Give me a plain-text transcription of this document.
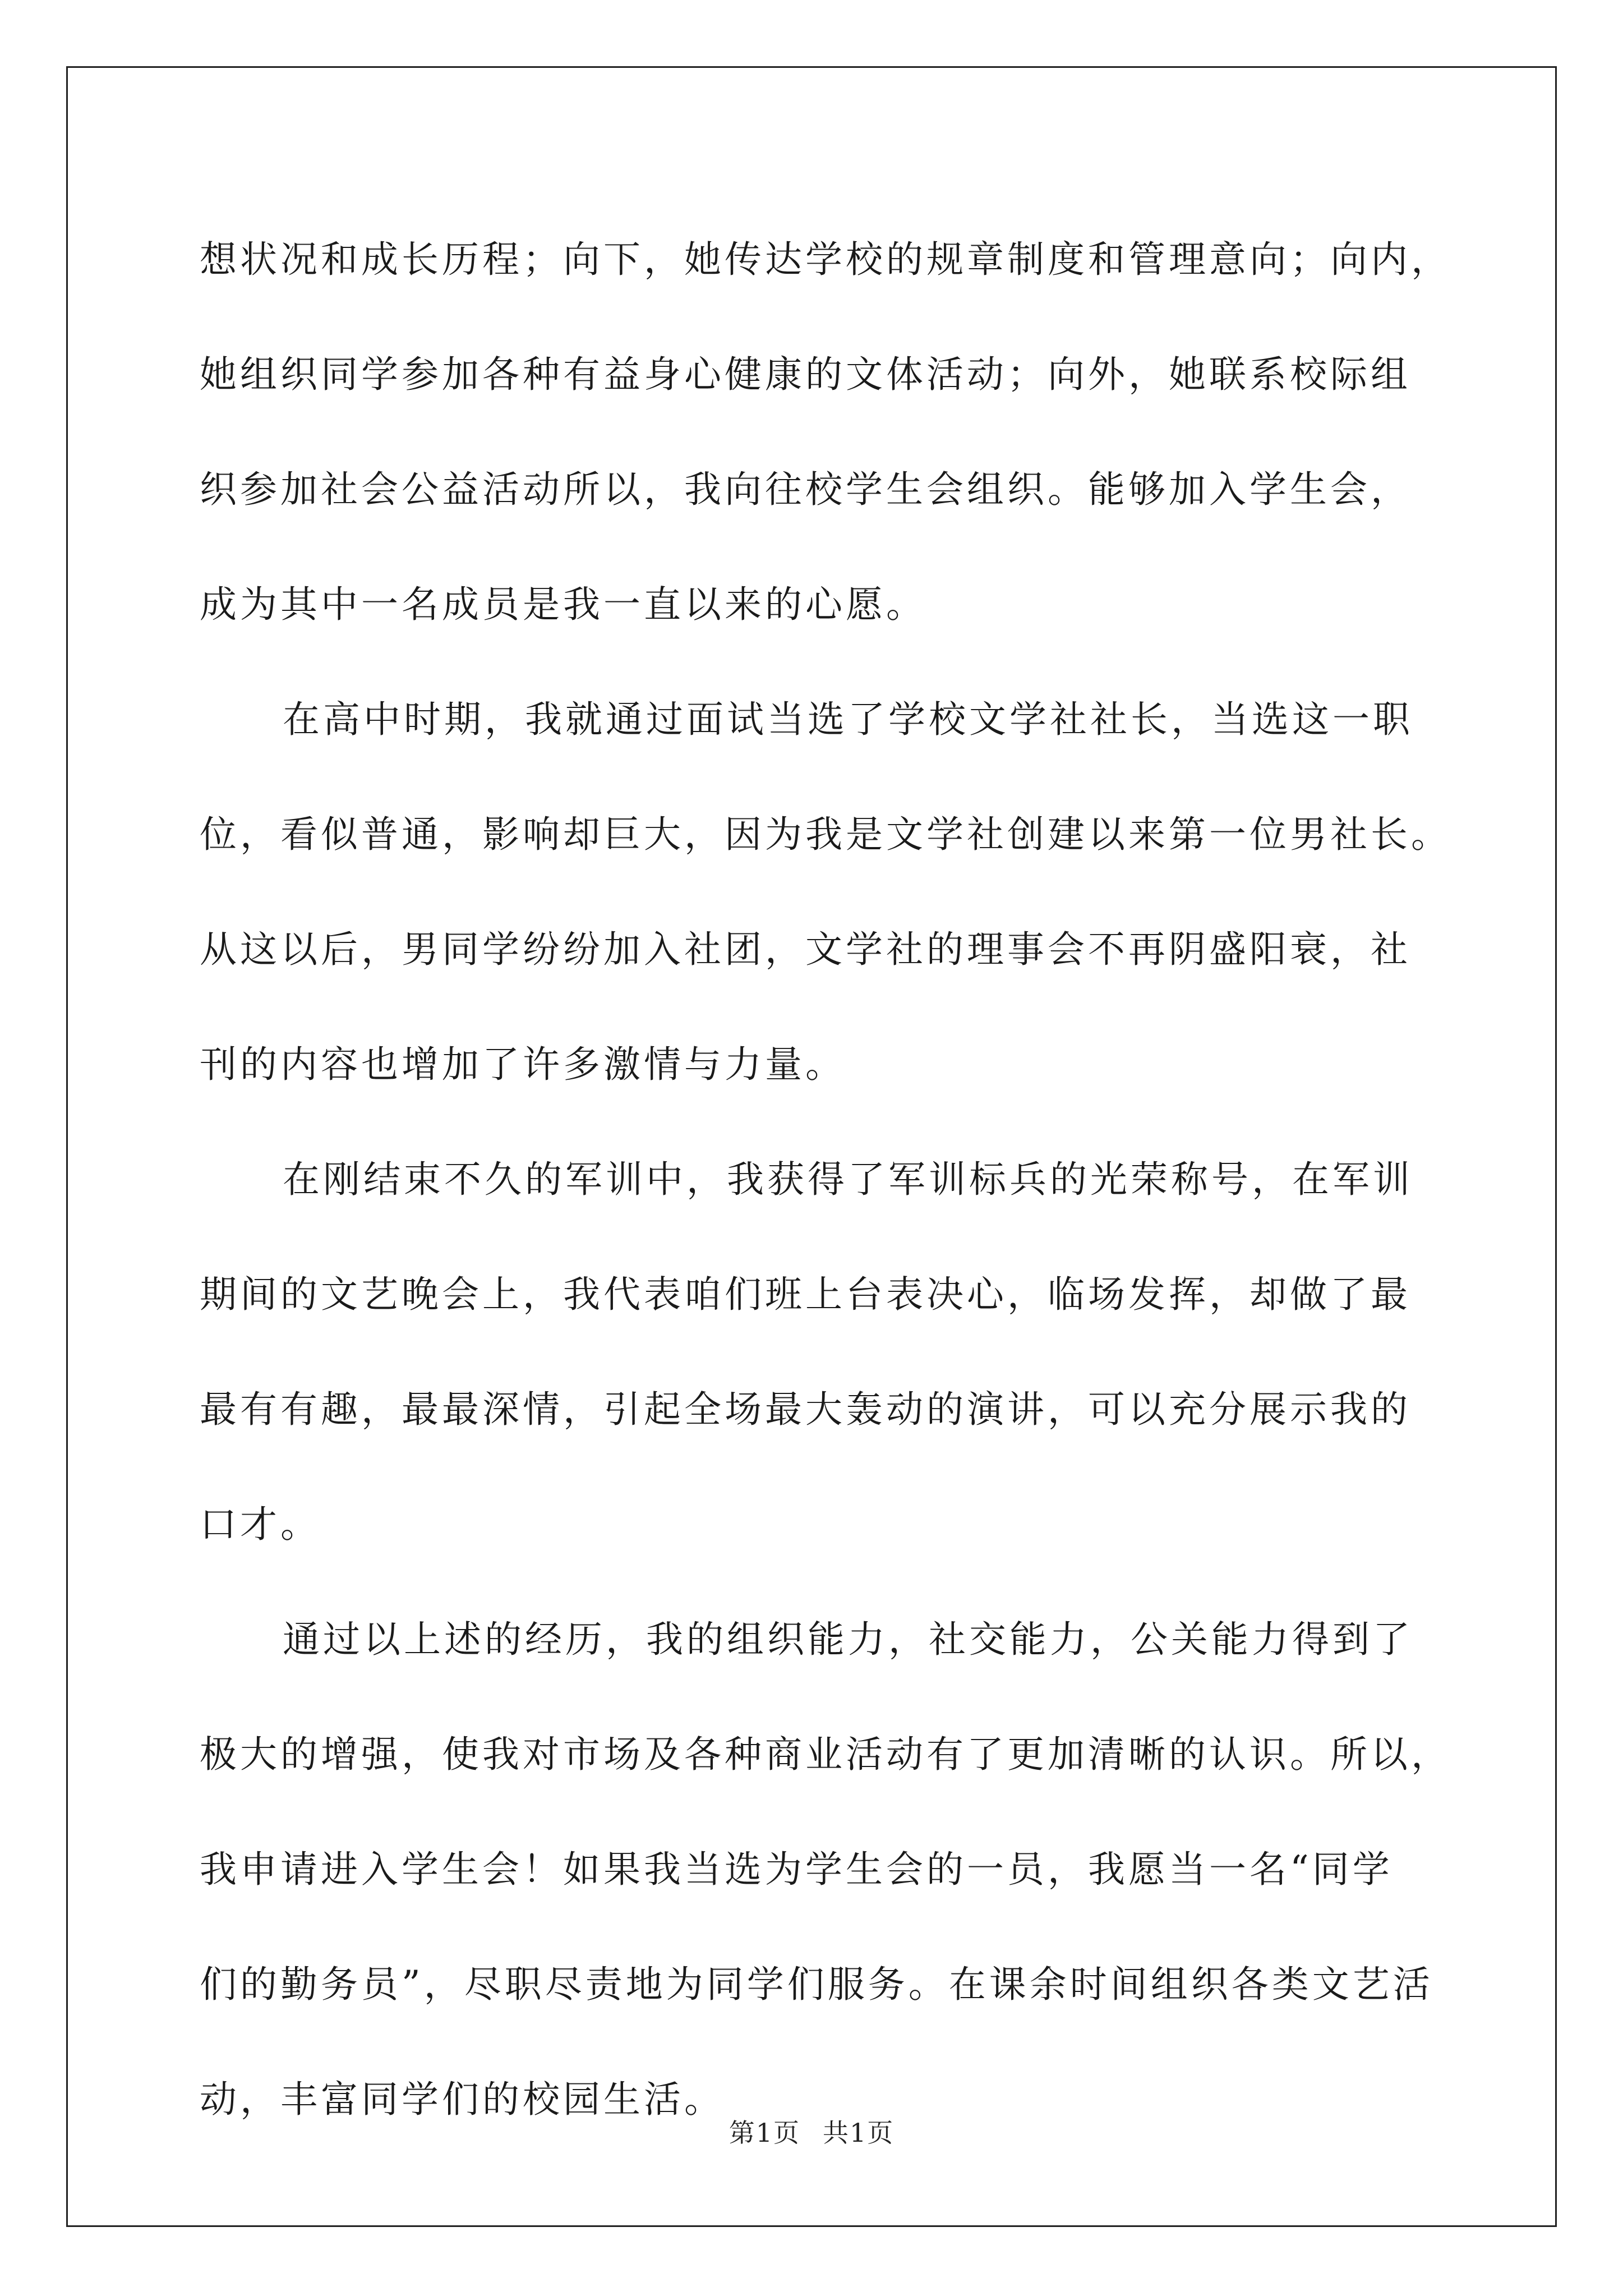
想状况和成长历程；向下，她传达学校的规章制度和管理意向；向内，
她组织同学参加各种有益身心健康的文体活动；向外，她联系校际组
织参加社会公益活动所以，我向往校学生会组织。能够加入学生会，
成为其中一名成员是我一直以来的心愿。
在高中时期，我就通过面试当选了学校文学社社长，当选这一职
位，看似普通，影响却巨大，因为我是文学社创建以来第一位男社长。
从这以后，男同学纷纷加入社团，文学社的理事会不再阴盛阳衰，社
刊的内容也增加了许多激情与力量。
在刚结束不久的军训中，我获得了军训标兵的光荣称号，在军训
期间的文艺晚会上，我代表咱们班上台表决心，临场发挥，却做了最
最有有趣，最最深情，引起全场最大轰动的演讲，可以充分展示我的
口才。
通过以上述的经历，我的组织能力，社交能力，公关能力得到了
极大的增强，使我对市场及各种商业活动有了更加清晰的认识。所以，
我申请进入学生会！如果我当选为学生会的一员，我愿当一名“同学
们的勤务员”，尽职尽责地为同学们服务。在课余时间组织各类文艺活
动，丰富同学们的校园生活。
第1页 共1页
